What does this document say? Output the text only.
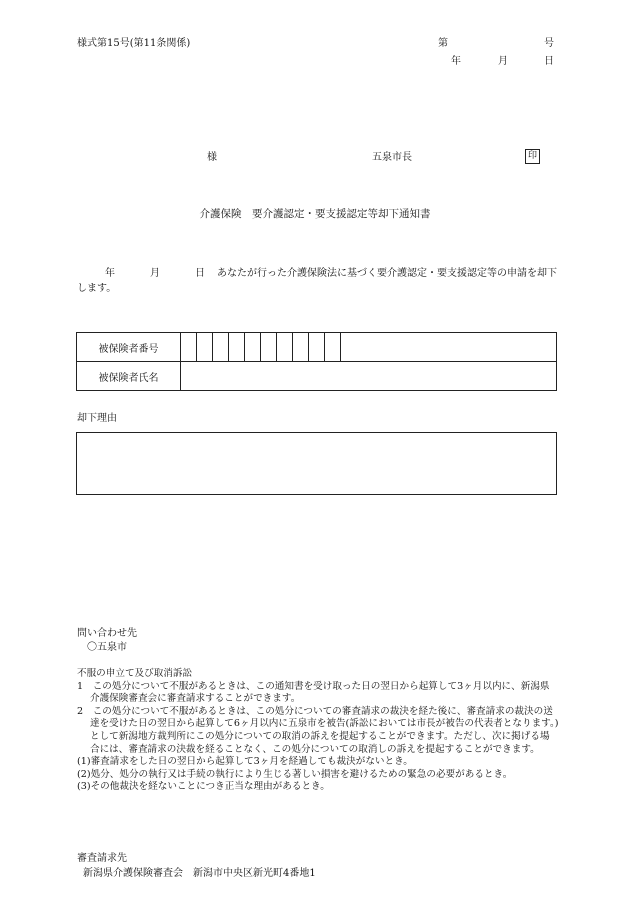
様式第15号(第11条関係)	第	号
年	月	日
様	五泉市長	印
介護保険　要介護認定・要支援認定等却下通知書
年	月	日 あなたが行った介護保険法に基づく要介護認定・要支援認定等の申請を却下します。
被保険者番号	

被保険者氏名	
却下理由
問い合わせ先
〇五泉市

不服の申立て及び取消訴訟

1　この処分について不服があるときは、この通知書を受け取った日の翌日から起算して3ヶ月以内に、新潟県介護保険審査会に審査請求することができます。

2　この処分について不服があるときは、この処分についての審査請求の裁決を経た後に、審査請求の裁決の送達を受けた日の翌日から起算して6ヶ月以内に五泉市を被告(訴訟においては市長が被告の代表者となります。)として新潟地方裁判所にこの処分についての取消の訴えを提起することができます。ただし、次に掲げる場合には、審査請求の決裁を経ることなく、この処分についての取消しの訴えを提起することができます。

(1)審査請求をした日の翌日から起算して3ヶ月を経過しても裁決がないとき。

(2)処分、処分の執行又は手続の執行により生じる著しい損害を避けるための緊急の必要があるとき。

(3)その他裁決を経ないことにつき正当な理由があるとき。

審査請求先
新潟県介護保険審査会　新潟市中央区新光町4番地1
